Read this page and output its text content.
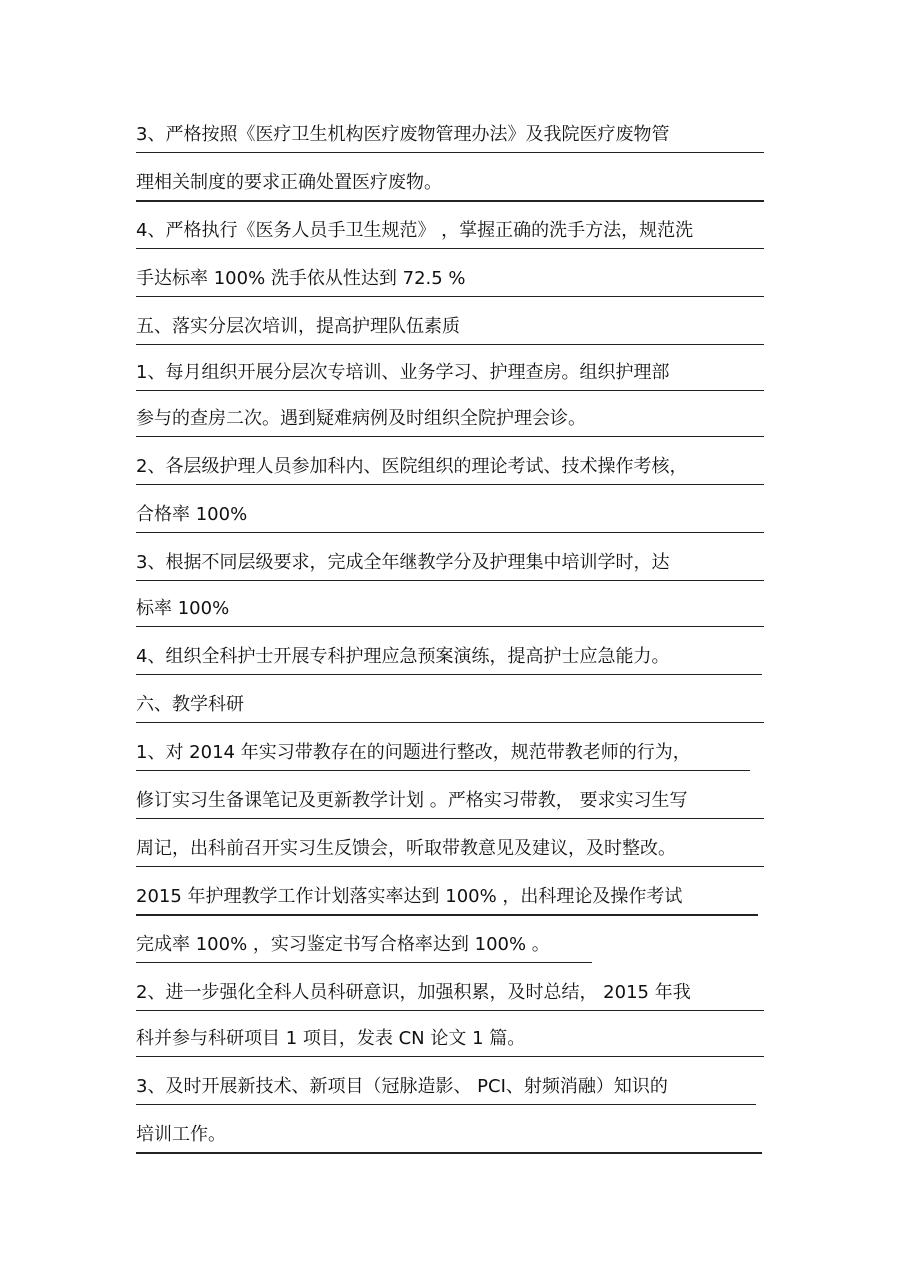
3、严格按照《医疗卫生机构医疗废物管理办法》及我院医疗废物管
理相关制度的要求正确处置医疗废物。
4、严格执行《医务人员手卫生规范》 ，掌握正确的洗手方法，规范洗
手达标率 100% 洗手依从性达到 72.5 %
五、落实分层次培训，提高护理队伍素质
1、每月组织开展分层次专培训、业务学习、护理查房。组织护理部
参与的查房二次。遇到疑难病例及时组织全院护理会诊。
2、各层级护理人员参加科内、医院组织的理论考试、技术操作考核，
合格率 100%
3、根据不同层级要求，完成全年继教学分及护理集中培训学时，达
标率 100%
4、组织全科护士开展专科护理应急预案演练，提高护士应急能力。
六、教学科研
1、对 2014 年实习带教存在的问题进行整改，规范带教老师的行为，
修订实习生备课笔记及更新教学计划 。严格实习带教， 要求实习生写
周记，出科前召开实习生反馈会，听取带教意见及建议，及时整改。
2015 年护理教学工作计划落实率达到 100% ，出科理论及操作考试
完成率 100% ，实习鉴定书写合格率达到 100% 。
2、进一步强化全科人员科研意识，加强积累，及时总结， 2015 年我
科并参与科研项目 1 项目，发表 CN 论文 1 篇。
3、及时开展新技术、新项目（冠脉造影、 PCI、射频消融）知识的
培训工作。
